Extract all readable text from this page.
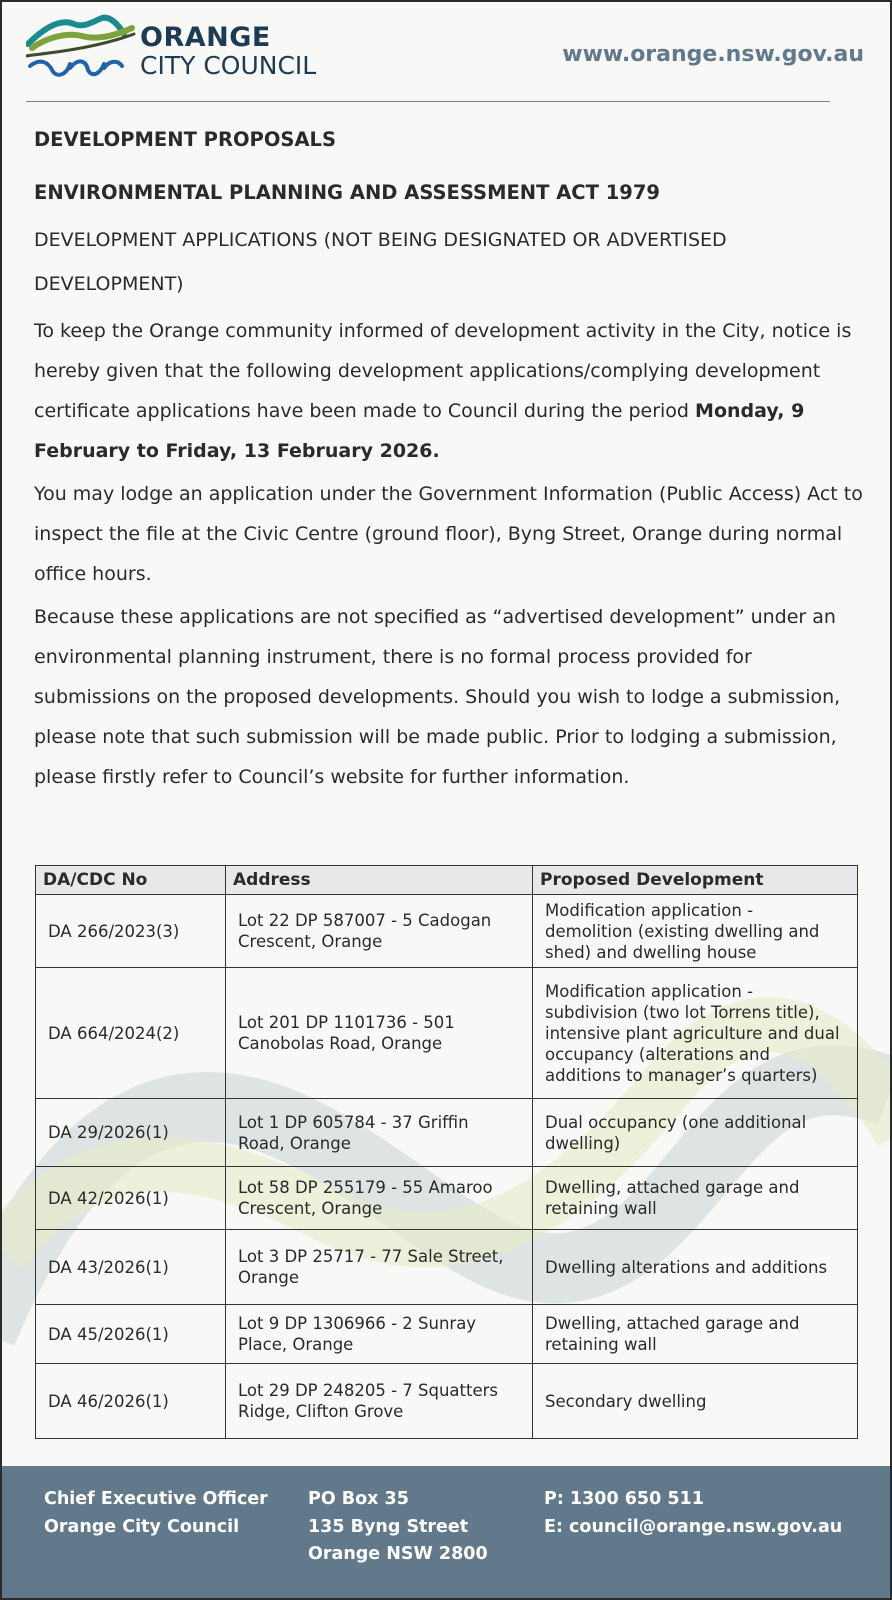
ORANGE
CITY COUNCIL	www.orange.nsw.gov.au
DEVELOPMENT PROPOSALS
ENVIRONMENTAL PLANNING AND ASSESSMENT ACT 1979
DEVELOPMENT APPLICATIONS (NOT BEING DESIGNATED OR ADVERTISED DEVELOPMENT)
To keep the Orange community informed of development activity in the City, notice is hereby given that the following development applications/complying development certificate applications have been made to Council during the period Monday, 9 February to Friday, 13 February 2026.
You may lodge an application under the Government Information (Public Access) Act to inspect the file at the Civic Centre (ground floor), Byng Street, Orange during normal office hours.
Because these applications are not specified as “advertised development” under an environmental planning instrument, there is no formal process provided for submissions on the proposed developments. Should you wish to lodge a submission, please note that such submission will be made public. Prior to lodging a submission, please firstly refer to Council’s website for further information.
DA/CDC No	Address	Proposed Development
DA 266/2023(3)	Lot 22 DP 587007 - 5 Cadogan Crescent, Orange	Modification application - demolition (existing dwelling and shed) and dwelling house
DA 664/2024(2)	Lot 201 DP 1101736 - 501 Canobolas Road, Orange	Modification application - subdivision (two lot Torrens title), intensive plant agriculture and dual occupancy (alterations and additions to manager’s quarters)
DA 29/2026(1)	Lot 1 DP 605784 - 37 Griffin Road, Orange	Dual occupancy (one additional dwelling)
DA 42/2026(1)	Lot 58 DP 255179 - 55 Amaroo Crescent, Orange	Dwelling, attached garage and retaining wall
DA 43/2026(1)	Lot 3 DP 25717 - 77 Sale Street, Orange	Dwelling alterations and additions
DA 45/2026(1)	Lot 9 DP 1306966 - 2 Sunray Place, Orange	Dwelling, attached garage and retaining wall
DA 46/2026(1)	Lot 29 DP 248205 - 7 Squatters Ridge, Clifton Grove	Secondary dwelling
Chief Executive Officer
Orange City Council
PO Box 35
135 Byng Street
Orange NSW 2800
P: 1300 650 511
E: council@orange.nsw.gov.au
